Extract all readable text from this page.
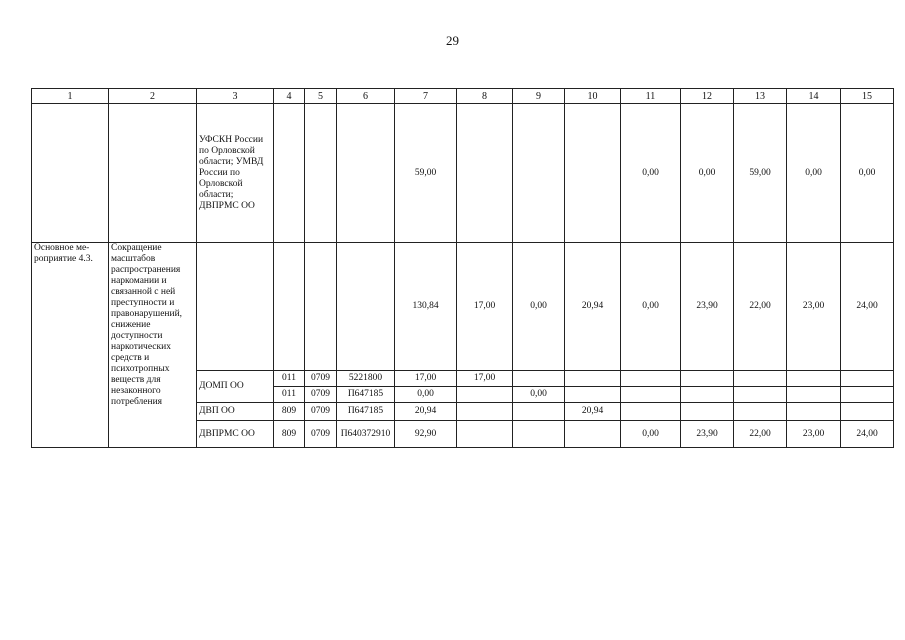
29
1	2	3	4	5	6	7	8	9	10	11	12	13	14	15
		УФСКН России по Орловской области; УМВД России по Орловской области; ДВПРМС ОО				59,00				0,00	0,00	59,00	0,00	0,00
Основное ме-роприятие 4.3.	Сокращение масштабов распространения наркомании и связанной с ней преступности и правонарушений, снижение доступности наркотических средств и психотропных веществ для незаконного потребления					130,84	17,00	0,00	20,94	0,00	23,90	22,00	23,00	24,00
		ДОМП ОО	011	0709	5221800	17,00	17,00							
			011	0709	П647185	0,00		0,00						
		ДВП ОО	809	0709	П647185	20,94			20,94					
		ДВПРМС ОО	809	0709	П640372910	92,90				0,00	23,90	22,00	23,00	24,00
